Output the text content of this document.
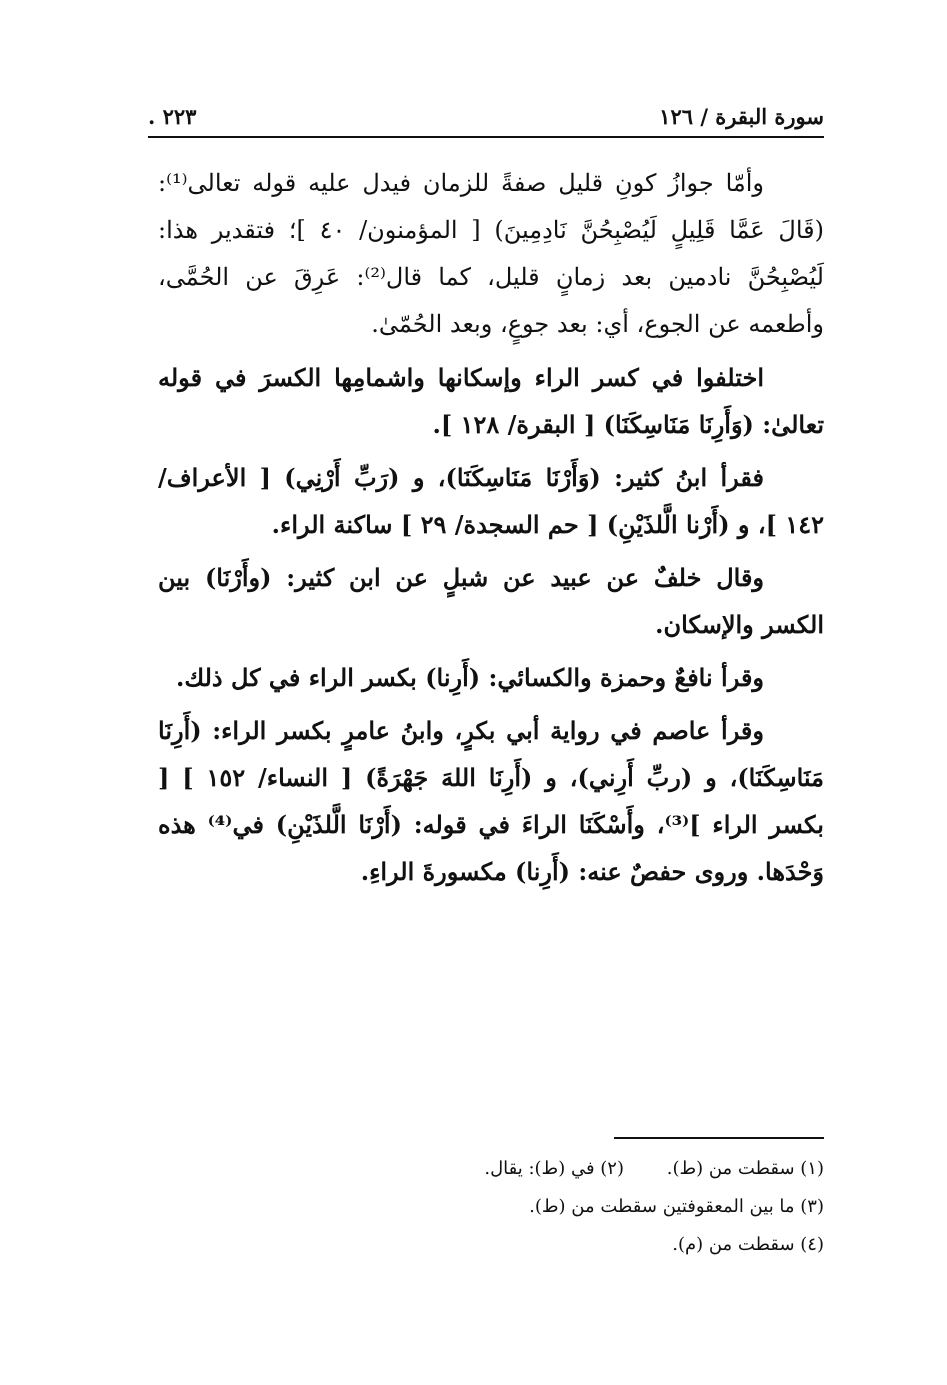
سورة البقرة / ١٢٦
٢٢٣ .

وأمّا جوازُ كونِ قليل صفةً للزمان فيدل عليه قوله تعالى⁽¹⁾: (قَالَ عَمَّا قَلِيلٍ لَيُصْبِحُنَّ نَادِمِينَ) [ المؤمنون/ ٤٠ ]؛ فتقدير هذا: لَيُصْبِحُنَّ نادمين بعد زمانٍ قليل، كما قال⁽²⁾: عَرِقَ عن الحُمَّى، وأطعمه عن الجوع، أي: بعد جوعٍ، وبعد الحُمّىٰ.

اختلفوا في كسر الراء وإسكانها واشمامِها الكسرَ في قوله تعالىٰ: (وَأَرِنَا مَنَاسِكَنَا) [ البقرة/ ١٢٨ ].

فقرأ ابنُ كثير: (وَأَرْنَا مَنَاسِكَنَا)، و (رَبِّ أَرْنِي) [ الأعراف/ ١٤٢ ]، و (أَرْنا الَّلذَيْنِ) [ حم السجدة/ ٢٩ ] ساكنة الراء.

وقال خلفٌ عن عبيد عن شبلٍ عن ابن كثير: (وأَرْنَا) بين الكسر والإسكان.

وقرأ نافعٌ وحمزة والكسائي: (أَرِنا) بكسر الراء في كل ذلك.

وقرأ عاصم في رواية أبي بكرٍ، وابنُ عامرٍ بكسر الراء: (أَرِنَا مَنَاسِكَنَا)، و (ربِّ أَرِني)، و (أَرِنَا اللهَ جَهْرَةً) [ النساء/ ١٥٢ ] [ بكسر الراء ]⁽³⁾، وأَسْكَنَا الراءَ في قوله: (أَرْنَا الَّلذَيْنِ) في⁽⁴⁾ هذه وَحْدَها. وروى حفصٌ عنه: (أَرِنا) مكسورةَ الراءِ.

(١) سقطت من (ط).
(٢) في (ط): يقال.
(٣) ما بين المعقوفتين سقطت من (ط).
(٤) سقطت من (م).
